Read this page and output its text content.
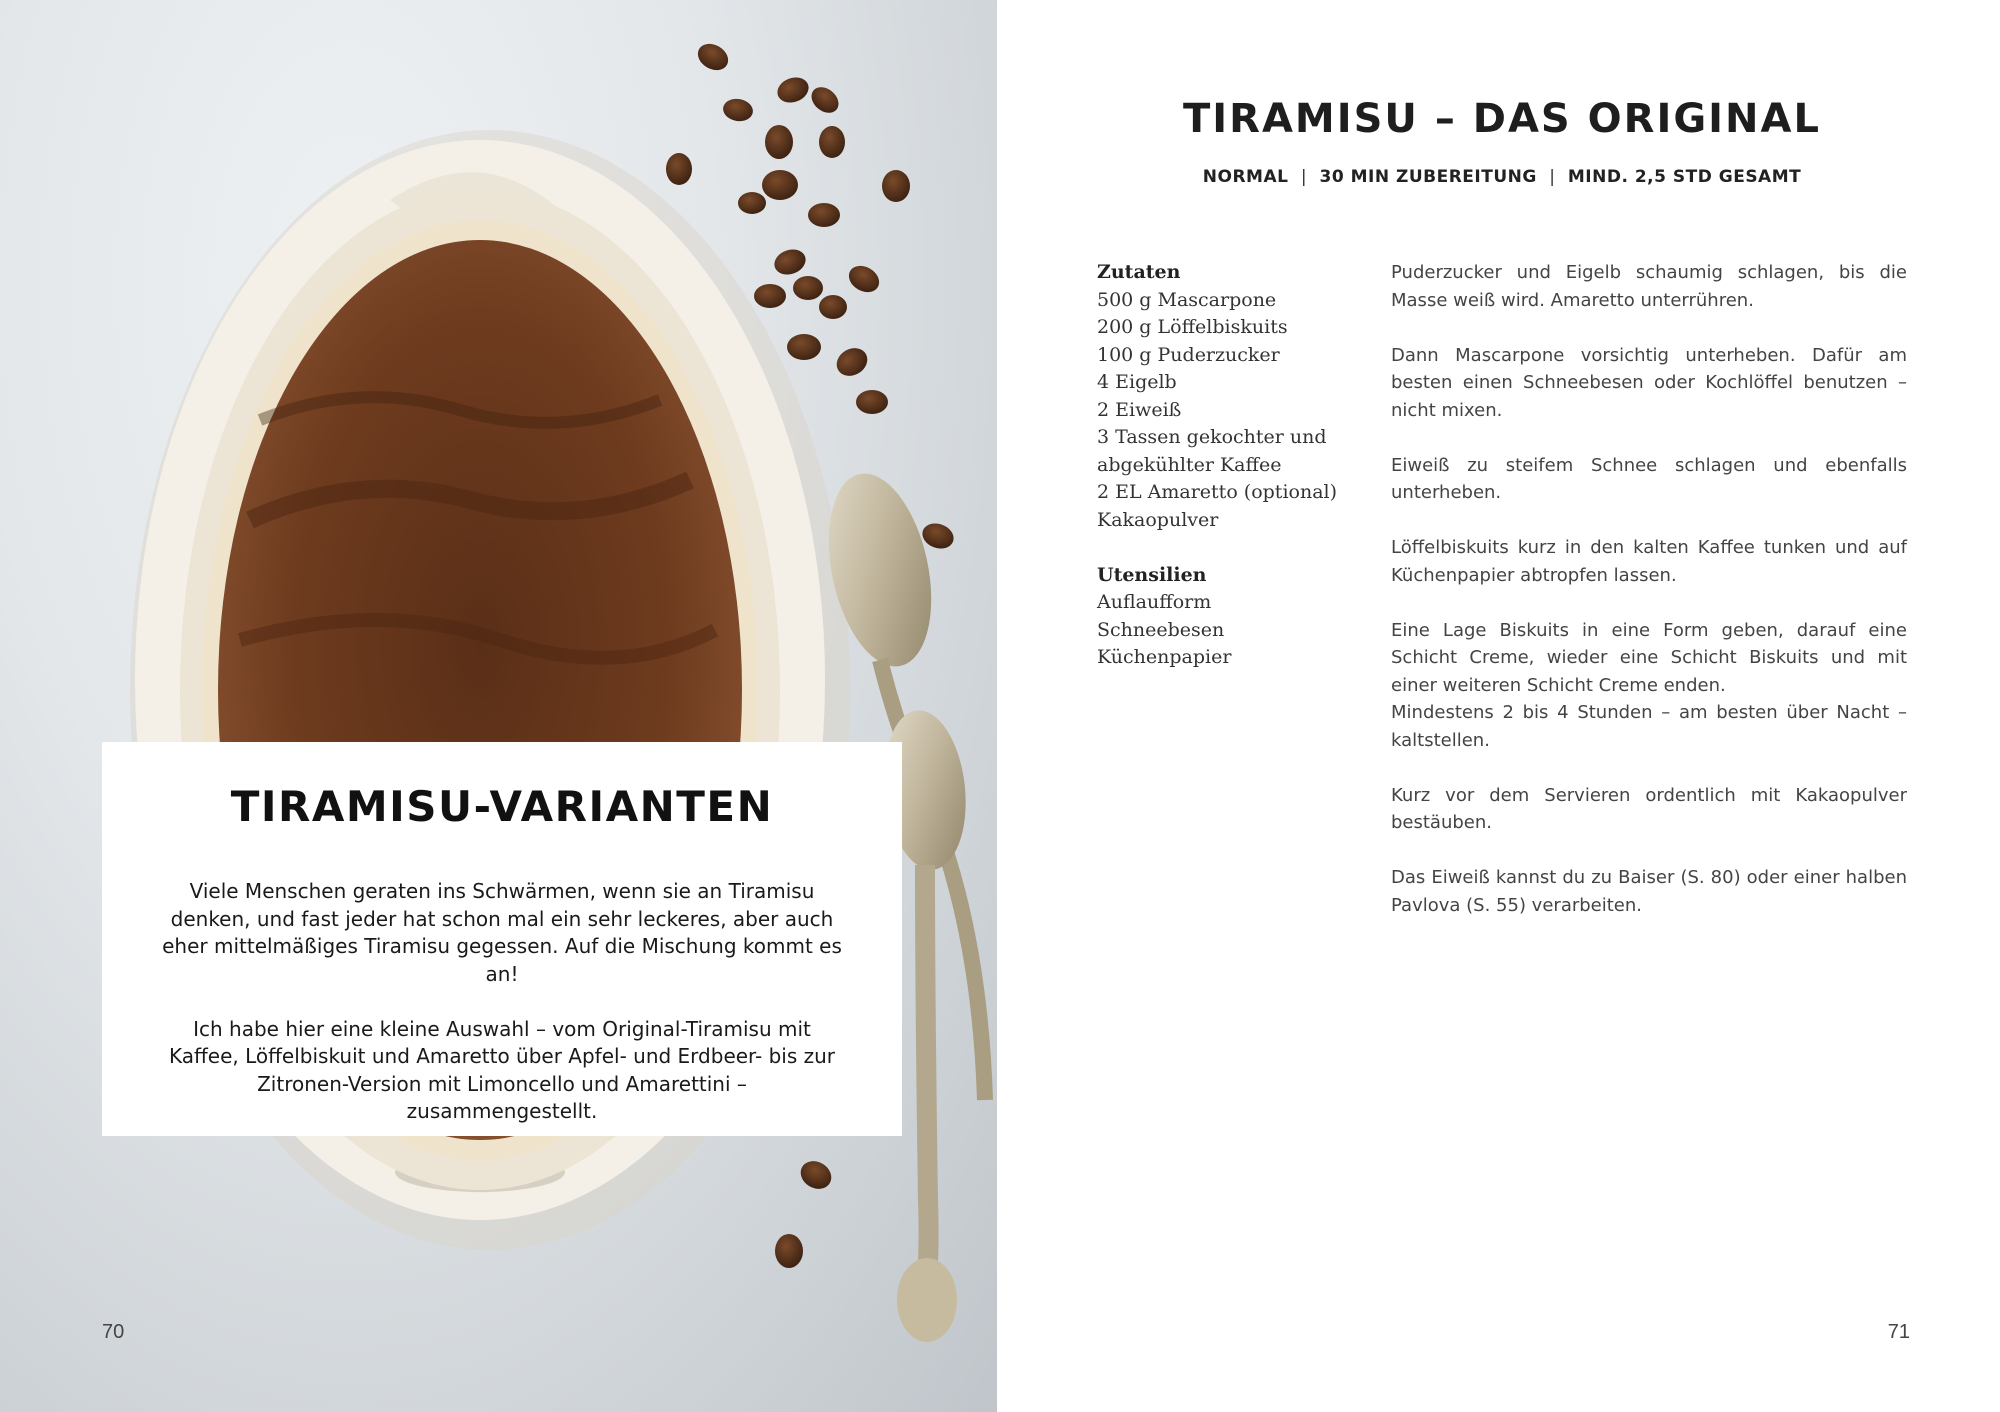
TIRAMISU-VARIANTEN

Viele Menschen geraten ins Schwärmen, wenn sie an Tiramisu denken, und fast jeder hat schon mal ein sehr leckeres, aber auch eher mittelmäßiges Tiramisu gegessen. Auf die Mischung kommt es an!

Ich habe hier eine kleine Auswahl – vom Original-Tiramisu mit Kaffee, Löffelbiskuit und Amaretto über Apfel- und Erdbeer- bis zur Zitronen-Version mit Limoncello und Amarettini – zusammengestellt.

70
TIRAMISU – DAS ORIGINAL
NORMAL | 30 MIN ZUBEREITUNG | MIND. 2,5 STD GESAMT
Zutaten
500 g Mascarpone
200 g Löffelbiskuits
100 g Puderzucker
4 Eigelb
2 Eiweiß
3 Tassen gekochter und abgekühlter Kaffee
2 EL Amaretto (optional)
Kakaopulver
Utensilien
Auflaufform
Schneebesen
Küchenpapier

Puderzucker und Eigelb schaumig schlagen, bis die Masse weiß wird. Amaretto unterrühren.

Dann Mascarpone vorsichtig unterheben. Dafür am besten einen Schneebesen oder Kochlöffel benutzen – nicht mixen.

Eiweiß zu steifem Schnee schlagen und ebenfalls unterheben.

Löffelbiskuits kurz in den kalten Kaffee tunken und auf Küchenpapier abtropfen lassen.

Eine Lage Biskuits in eine Form geben, darauf eine Schicht Creme, wieder eine Schicht Biskuits und mit einer weiteren Schicht Creme enden.

Mindestens 2 bis 4 Stunden – am besten über Nacht – kaltstellen.

Kurz vor dem Servieren ordentlich mit Kakaopulver bestäuben.

Das Eiweiß kannst du zu Baiser (S. 80) oder einer halben Pavlova (S. 55) verarbeiten.

71
